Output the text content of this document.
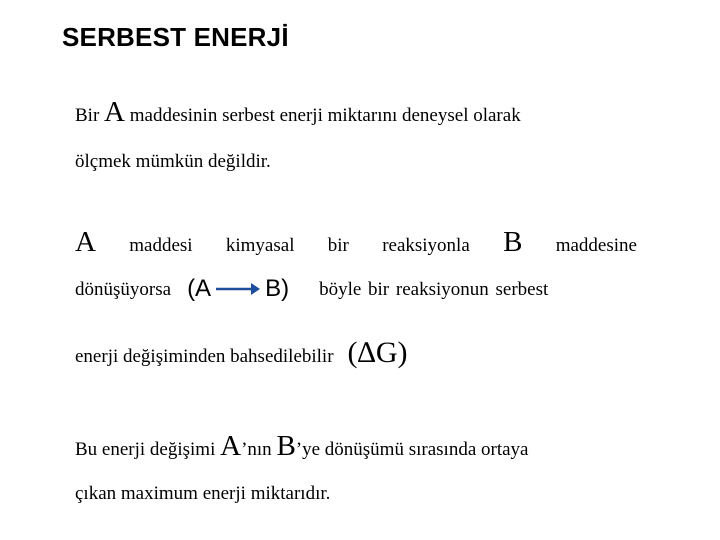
SERBEST ENERJİ
Bir A maddesinin serbest enerji miktarını deneysel olarak
ölçmek mümkün değildir.
A maddesi kimyasal bir reaksiyonla B maddesine
dönüşüyorsa (A → B) böyle bir reaksiyonun serbest
enerji değişiminden bahsedilebilir (∆G)
Bu enerji değişimi A’nın B’ye dönüşümü sırasında ortaya
çıkan maximum enerji miktarıdır.
